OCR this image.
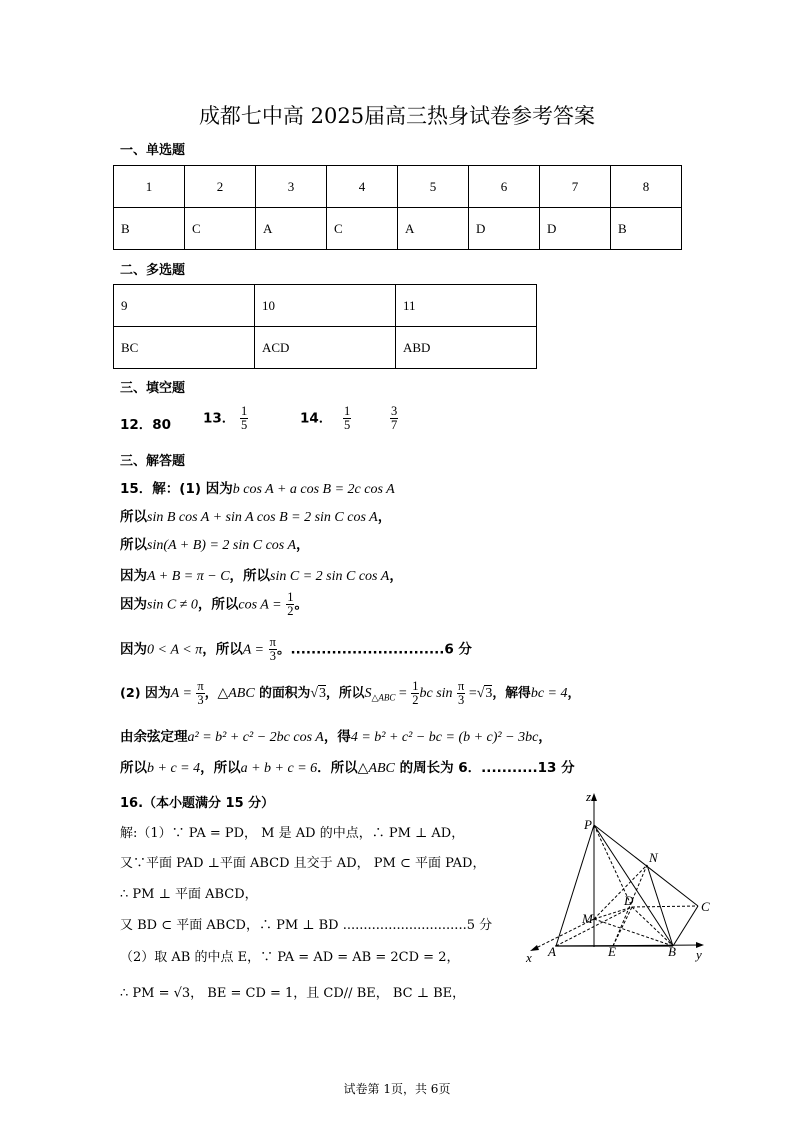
成都七中高 2025届高三热身试卷参考答案
一、单选题
1	2	3	4	5	6	7	8
B	C	A	C	A	D	D	B
二、多选题
9	10	11
BC	ACD	ABD
三、填空题
12．80 13． $\frac{1}{5}$	14． $\frac{1}{5}$
	$\frac{3}{7}$
三、解答题
15．解：(1) 因为b cos A + a cos B = 2c cos A
所以sin B cos A + sin A cos B = 2 sin C cos A，
所以sin(A + B) = 2 sin C cos A，
因为A + B = π − C，所以sin C = 2 sin C cos A，
因为sin C ≠ 0，所以$\cos A = \frac{1}{2}$ 。
因为0 < A < π，所以$A = \frac{\pi}{3}$ 。..............................6 分
(2) 因为$A = \frac{\pi}{3}$ ，△ABC 的面积为√3，所以$S_{\triangle ABC} = \frac{1}{2}$ bc $\sin \frac{\pi}{3} =√3$，解得bc = 4，
由余弦定理a² = b² + c² − 2bc cos A，得4 = b² + c² − bc = (b + c)² − 3bc，
所以b + c = 4，所以a + b + c = 6．所以△ABC 的周长为 6．...........13 分
16.（本小题满分 15 分）
解:（1）∵ PA = PD， M 是 AD 的中点，∴ PM ⊥ AD，
又∵平面 PAD ⊥平面 ABCD 且交于 AD， PM ⊂ 平面 PAD，
∴ PM ⊥ 平面 ABCD，
又 BD ⊂ 平面 ABCD，∴ PM ⊥ BD ..............................5 分
（2）取 AB 的中点 E，∵ PA = AD = AB = 2CD = 2，
∴ PM = √3， BE = CD = 1，且 CD// BE， BC ⊥ BE，
z
P
N
C
D
M
A	E	B
x	y
试卷第 1页，共 6页
